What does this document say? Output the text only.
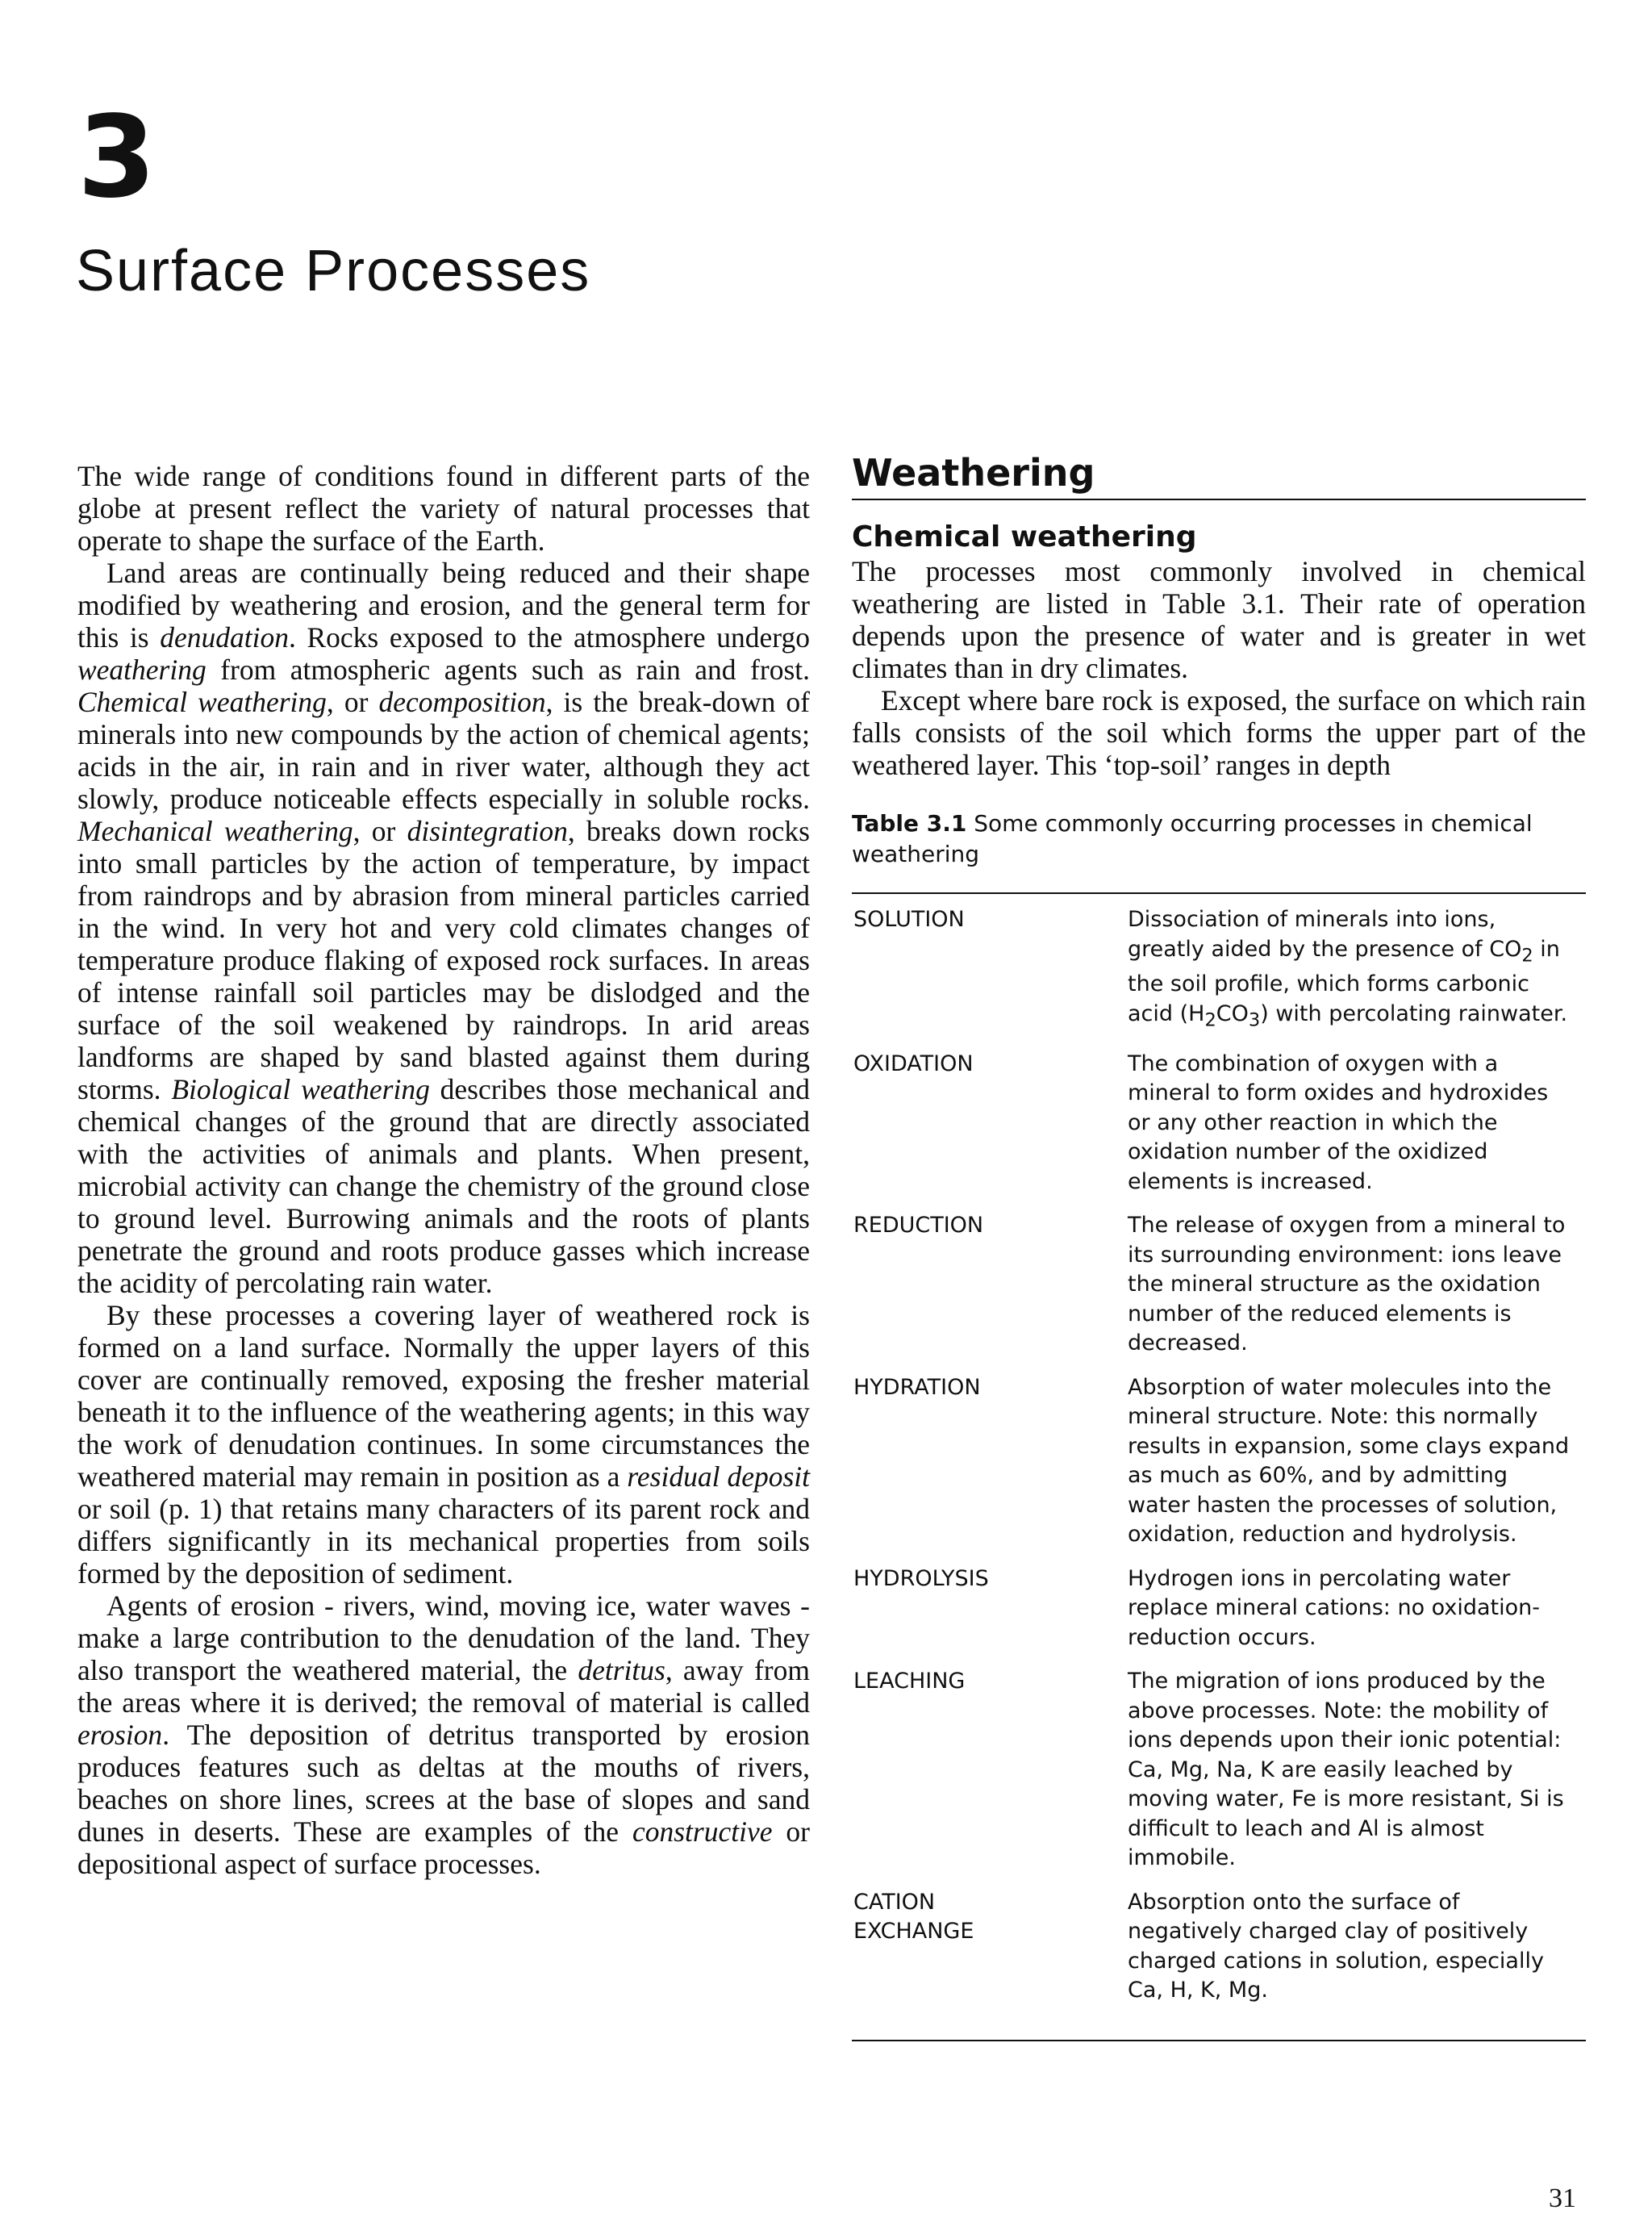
3
Surface Processes

The wide range of conditions found in different parts of the globe at present reflect the variety of natural processes that operate to shape the surface of the Earth.

Land areas are continually being reduced and their shape modified by weathering and erosion, and the general term for this is denudation. Rocks exposed to the atmosphere undergo weathering from atmospheric agents such as rain and frost. Chemical weathering, or decomposition, is the break-down of minerals into new compounds by the action of chemical agents; acids in the air, in rain and in river water, although they act slowly, produce noticeable effects especially in soluble rocks. Mechanical weathering, or disintegration, breaks down rocks into small particles by the action of temperature, by impact from raindrops and by abrasion from mineral particles carried in the wind. In very hot and very cold climates changes of temperature produce flaking of exposed rock surfaces. In areas of intense rainfall soil particles may be dislodged and the surface of the soil weakened by raindrops. In arid areas landforms are shaped by sand blasted against them during storms. Biological weathering describes those mechanical and chemical changes of the ground that are directly associated with the activities of animals and plants. When present, microbial activity can change the chemistry of the ground close to ground level. Burrowing animals and the roots of plants penetrate the ground and roots produce gasses which increase the acidity of percolating rain water.

By these processes a covering layer of weathered rock is formed on a land surface. Normally the upper layers of this cover are continually removed, exposing the fresher material beneath it to the influence of the weathering agents; in this way the work of denudation continues. In some circumstances the weathered material may remain in position as a residual deposit or soil (p. 1) that retains many characters of its parent rock and differs significantly in its mechanical properties from soils formed by the deposition of sediment.

Agents of erosion - rivers, wind, moving ice, water waves - make a large contribution to the denudation of the land. They also transport the weathered material, the detritus, away from the areas where it is derived; the removal of material is called erosion. The deposition of detritus transported by erosion produces features such as deltas at the mouths of rivers, beaches on shore lines, screes at the base of slopes and sand dunes in deserts. These are examples of the constructive or depositional aspect of surface processes.

Weathering
Chemical weathering

The processes most commonly involved in chemical weathering are listed in Table 3.1. Their rate of operation depends upon the presence of water and is greater in wet climates than in dry climates.

Except where bare rock is exposed, the surface on which rain falls consists of the soil which forms the upper part of the weathered layer. This ‘top-soil’ ranges in depth

Table 3.1 Some commonly occurring processes in chemical weathering
SOLUTION	Dissociation of minerals into ions, greatly aided by the presence of $CO_2$ in the soil profile, which forms carbonic acid $(H_2CO_3)$ with percolating rainwater.
OXIDATION	The combination of oxygen with a mineral to form oxides and hydroxides or any other reaction in which the oxidation number of the oxidized elements is increased.
REDUCTION	The release of oxygen from a mineral to its surrounding environment: ions leave the mineral structure as the oxidation number of the reduced elements is decreased.
HYDRATION	Absorption of water molecules into the mineral structure. Note: this normally results in expansion, some clays expand as much as 60%, and by admitting water hasten the processes of solution, oxidation, reduction and hydrolysis.
HYDROLYSIS	Hydrogen ions in percolating water replace mineral cations: no oxidation-reduction occurs.
LEACHING	The migration of ions produced by the above processes. Note: the mobility of ions depends upon their ionic potential: Ca, Mg, Na, K are easily leached by moving water, Fe is more resistant, Si is difficult to leach and Al is almost immobile.
CATION
EXCHANGE	Absorption onto the surface of negatively charged clay of positively charged cations in solution, especially Ca, H, K, Mg.
31
